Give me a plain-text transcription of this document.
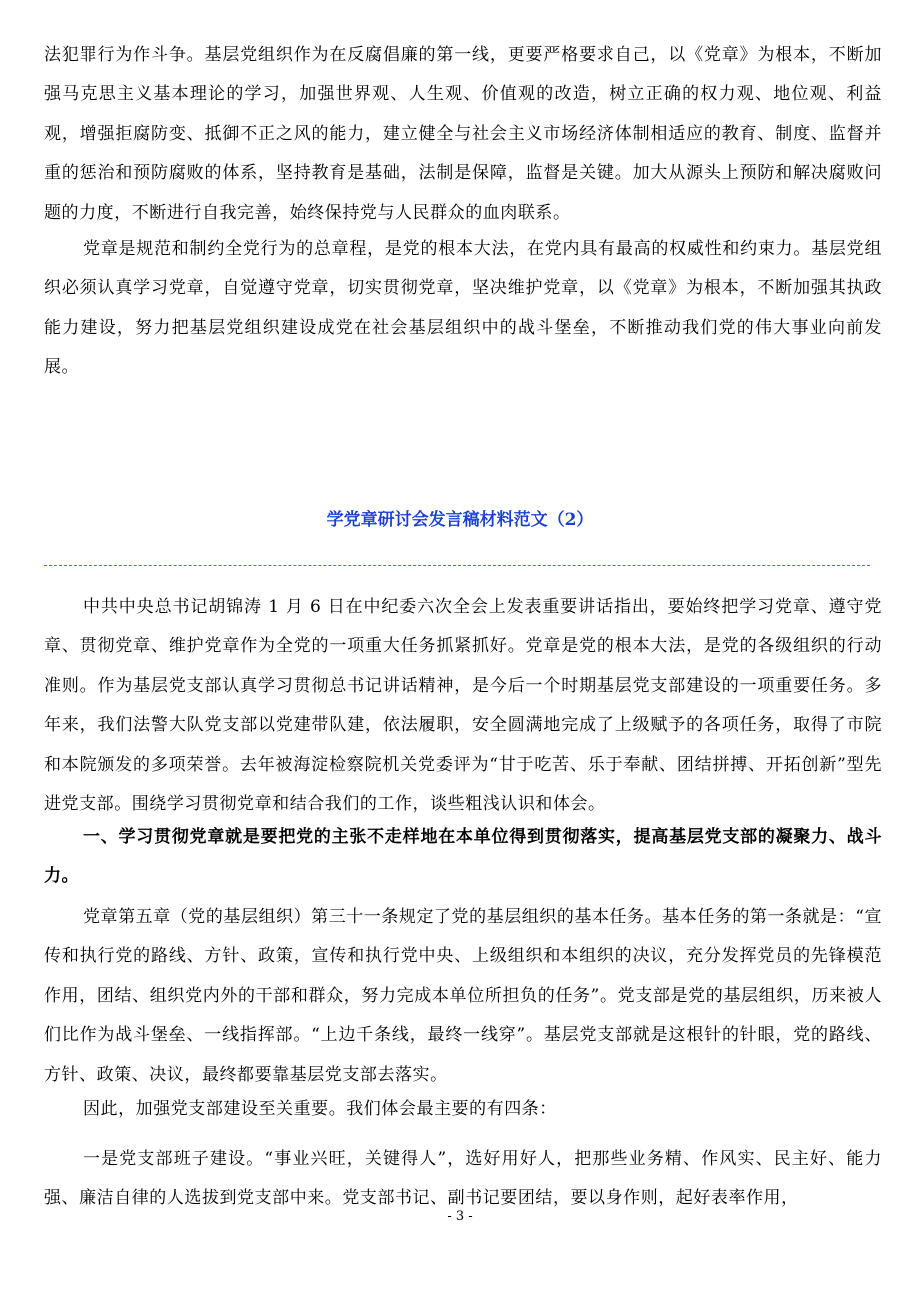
法犯罪行为作斗争。基层党组织作为在反腐倡廉的第一线，更要严格要求自己，以《党章》为根本，不断加强马克思主义基本理论的学习，加强世界观、人生观、价值观的改造，树立正确的权力观、地位观、利益观，增强拒腐防变、抵御不正之风的能力，建立健全与社会主义市场经济体制相适应的教育、制度、监督并重的惩治和预防腐败的体系，坚持教育是基础，法制是保障，监督是关键。加大从源头上预防和解决腐败问题的力度，不断进行自我完善，始终保持党与人民群众的血肉联系。

党章是规范和制约全党行为的总章程，是党的根本大法，在党内具有最高的权威性和约束力。基层党组织必须认真学习党章，自觉遵守党章，切实贯彻党章，坚决维护党章，以《党章》为根本，不断加强其执政能力建设，努力把基层党组织建设成党在社会基层组织中的战斗堡垒，不断推动我们党的伟大事业向前发展。

学党章研讨会发言稿材料范文（2）

中共中央总书记胡锦涛 1 月 6 日在中纪委六次全会上发表重要讲话指出，要始终把学习党章、遵守党章、贯彻党章、维护党章作为全党的一项重大任务抓紧抓好。党章是党的根本大法，是党的各级组织的行动准则。作为基层党支部认真学习贯彻总书记讲话精神，是今后一个时期基层党支部建设的一项重要任务。多年来，我们法警大队党支部以党建带队建，依法履职，安全圆满地完成了上级赋予的各项任务，取得了市院和本院颁发的多项荣誉。去年被海淀检察院机关党委评为“甘于吃苦、乐于奉献、团结拼搏、开拓创新”型先进党支部。围绕学习贯彻党章和结合我们的工作，谈些粗浅认识和体会。

一、学习贯彻党章就是要把党的主张不走样地在本单位得到贯彻落实，提高基层党支部的凝聚力、战斗力。

党章第五章（党的基层组织）第三十一条规定了党的基层组织的基本任务。基本任务的第一条就是：“宣传和执行党的路线、方针、政策，宣传和执行党中央、上级组织和本组织的决议，充分发挥党员的先锋模范作用，团结、组织党内外的干部和群众，努力完成本单位所担负的任务”。党支部是党的基层组织，历来被人们比作为战斗堡垒、一线指挥部。“上边千条线，最终一线穿”。基层党支部就是这根针的针眼，党的路线、方针、政策、决议，最终都要靠基层党支部去落实。

因此，加强党支部建设至关重要。我们体会最主要的有四条：

一是党支部班子建设。“事业兴旺，关键得人”，选好用好人，把那些业务精、作风实、民主好、能力强、廉洁自律的人选拔到党支部中来。党支部书记、副书记要团结，要以身作则，起好表率作用，

- 3 -
